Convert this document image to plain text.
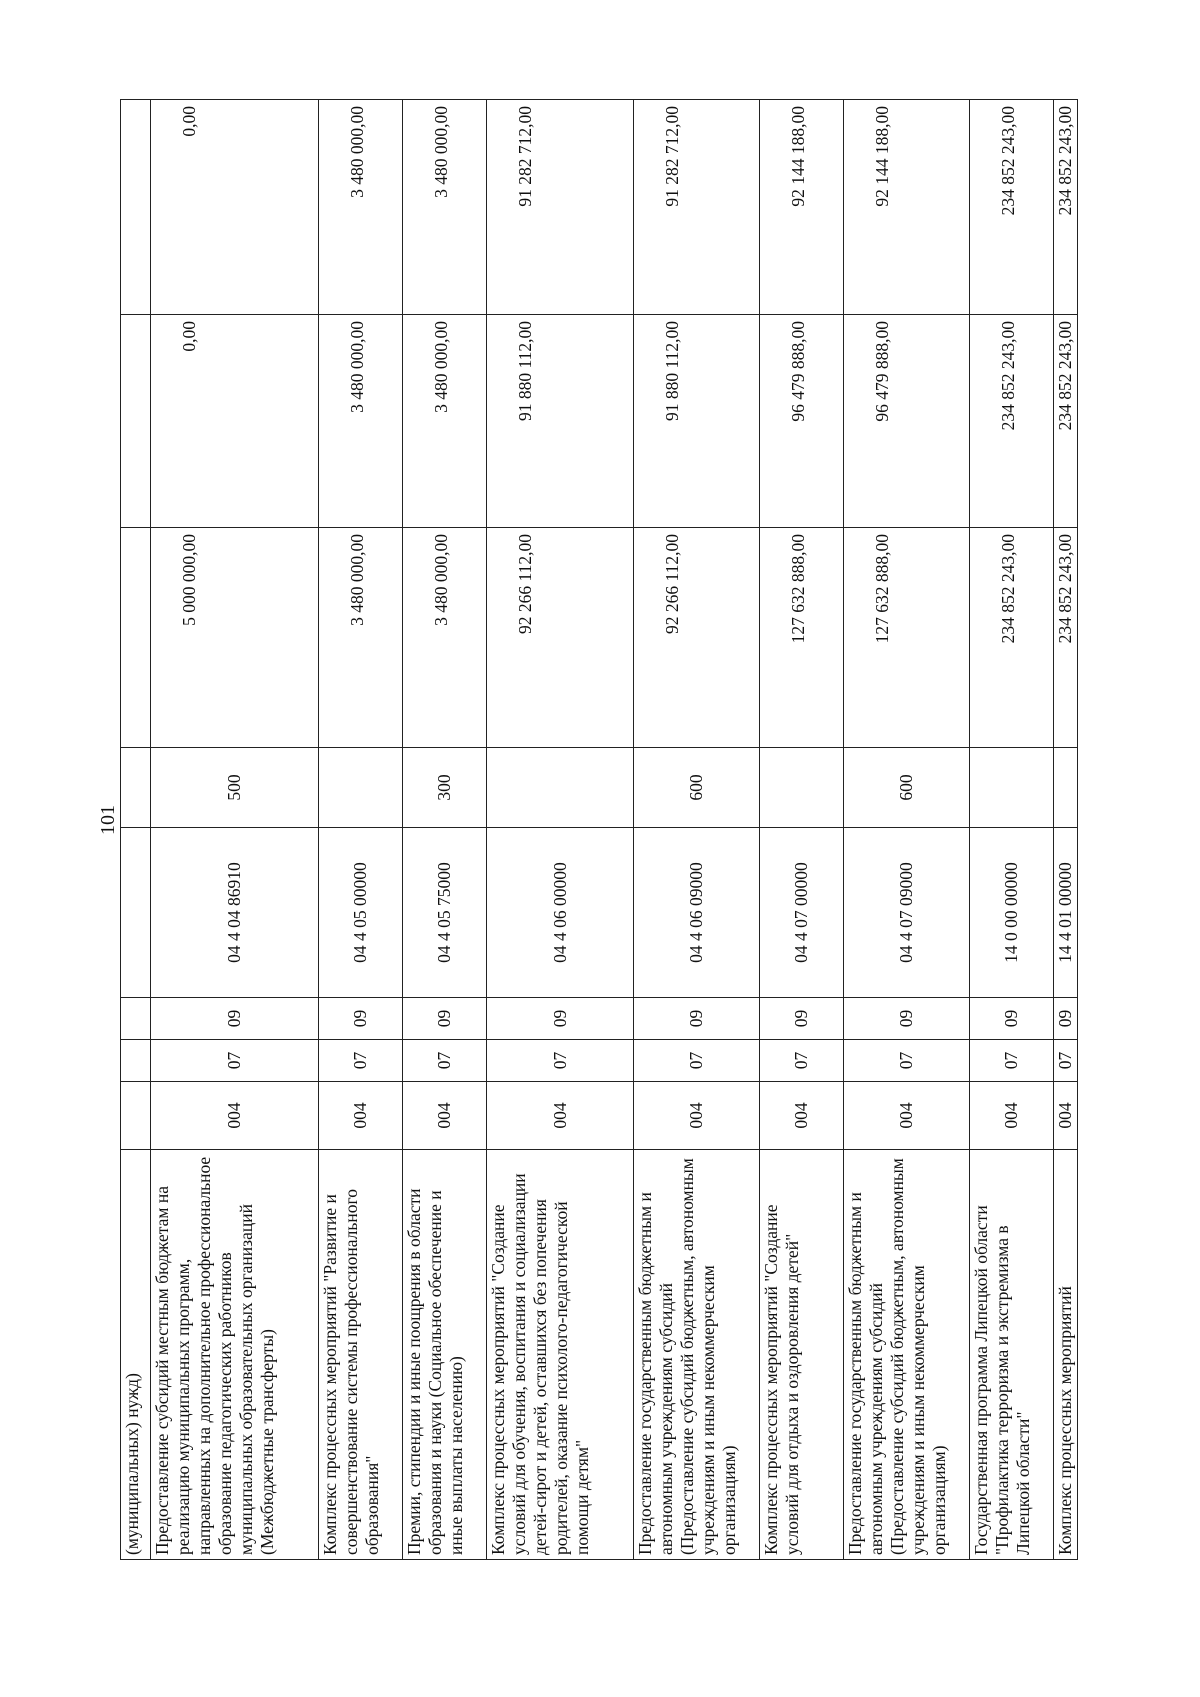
101
(муниципальных) нужд)								
Предоставление субсидий местным бюджетам на реализацию муниципальных программ, направленных на дополнительное профессиональное образование педагогических работников муниципальных образовательных организаций (Межбюджетные трансферты)	004	07	09	04 4 04 86910	500	5 000 000,00	0,00	0,00
Комплекс процессных мероприятий "Развитие и совершенствование системы профессионального образования"	004	07	09	04 4 05 00000		3 480 000,00	3 480 000,00	3 480 000,00
Премии, стипендии и иные поощрения в области образования и науки (Социальное обеспечение и иные выплаты населению)	004	07	09	04 4 05 75000	300	3 480 000,00	3 480 000,00	3 480 000,00
Комплекс процессных мероприятий "Создание условий для обучения, воспитания и социализации детей-сирот и детей, оставшихся без попечения родителей, оказание психолого-педагогической помощи детям"	004	07	09	04 4 06 00000		92 266 112,00	91 880 112,00	91 282 712,00
Предоставление государственным бюджетным и автономным учреждениям субсидий (Предоставление субсидий бюджетным, автономным учреждениям и иным некоммерческим организациям)	004	07	09	04 4 06 09000	600	92 266 112,00	91 880 112,00	91 282 712,00
Комплекс процессных мероприятий "Создание условий для отдыха и оздоровления детей"	004	07	09	04 4 07 00000		127 632 888,00	96 479 888,00	92 144 188,00
Предоставление государственным бюджетным и автономным учреждениям субсидий (Предоставление субсидий бюджетным, автономным учреждениям и иным некоммерческим организациям)	004	07	09	04 4 07 09000	600	127 632 888,00	96 479 888,00	92 144 188,00
Государственная программа Липецкой области "Профилактика терроризма и экстремизма в Липецкой области"	004	07	09	14 0 00 00000		234 852 243,00	234 852 243,00	234 852 243,00
Комплекс процессных мероприятий	004	07	09	14 4 01 00000		234 852 243,00	234 852 243,00	234 852 243,00
